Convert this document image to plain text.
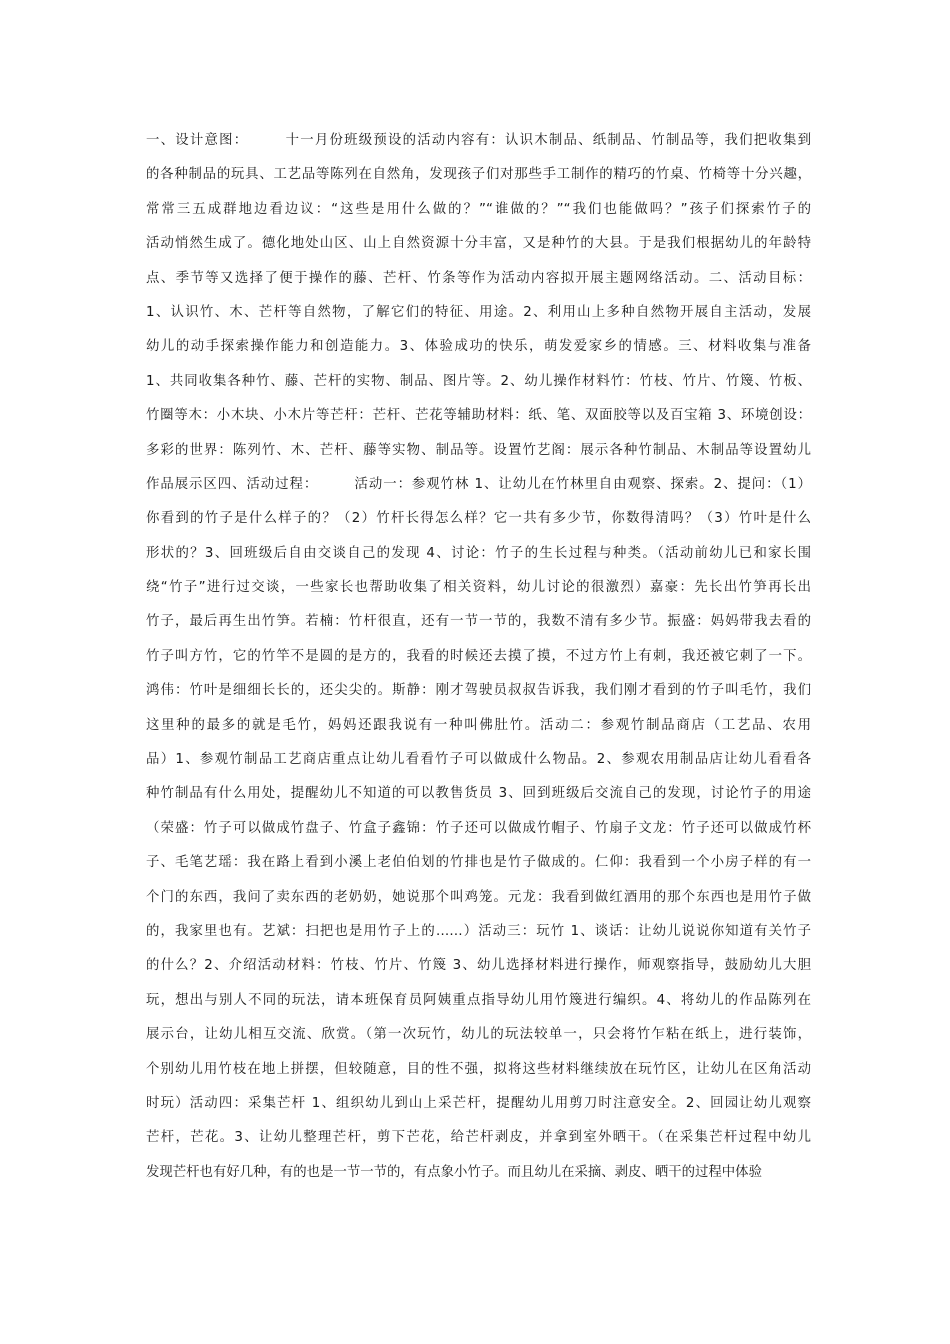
一、设计意图：　　　十一月份班级预设的活动内容有：认识木制品、纸制品、竹制品等，我们把收集到
的各种制品的玩具、工艺品等陈列在自然角，发现孩子们对那些手工制作的精巧的竹桌、竹椅等十分兴趣，
常常三五成群地边看边议：“这些是用什么做的？”“谁做的？”“我们也能做吗？”孩子们探索竹子的
活动悄然生成了。德化地处山区、山上自然资源十分丰富，又是种竹的大县。于是我们根据幼儿的年龄特
点、季节等又选择了便于操作的藤、芒杆、竹条等作为活动内容拟开展主题网络活动。二、活动目标：
1、认识竹、木、芒杆等自然物，了解它们的特征、用途。2、利用山上多种自然物开展自主活动，发展
幼儿的动手探索操作能力和创造能力。3、体验成功的快乐，萌发爱家乡的情感。三、材料收集与准备
1、共同收集各种竹、藤、芒杆的实物、制品、图片等。2、幼儿操作材料竹：竹枝、竹片、竹篾、竹板、
竹圈等木：小木块、小木片等芒杆：芒杆、芒花等辅助材料：纸、笔、双面胶等以及百宝箱 3、环境创设：
多彩的世界：陈列竹、木、芒杆、藤等实物、制品等。设置竹艺阁：展示各种竹制品、木制品等设置幼儿
作品展示区四、活动过程：　　　活动一：参观竹林 1、让幼儿在竹林里自由观察、探索。2、提问：（1）
你看到的竹子是什么样子的？（2）竹杆长得怎么样？它一共有多少节，你数得清吗？（3）竹叶是什么
形状的？3、回班级后自由交谈自己的发现 4、讨论：竹子的生长过程与种类。（活动前幼儿已和家长围
绕“竹子”进行过交谈，一些家长也帮助收集了相关资料，幼儿讨论的很激烈）嘉豪：先长出竹笋再长出
竹子，最后再生出竹笋。若楠：竹杆很直，还有一节一节的，我数不清有多少节。振盛：妈妈带我去看的
竹子叫方竹，它的竹竿不是圆的是方的，我看的时候还去摸了摸，不过方竹上有刺，我还被它刺了一下。
鸿伟：竹叶是细细长长的，还尖尖的。斯静：刚才驾驶员叔叔告诉我，我们刚才看到的竹子叫毛竹，我们
这里种的最多的就是毛竹，妈妈还跟我说有一种叫佛肚竹。活动二：参观竹制品商店（工艺品、农用
品）1、参观竹制品工艺商店重点让幼儿看看竹子可以做成什么物品。2、参观农用制品店让幼儿看看各
种竹制品有什么用处，提醒幼儿不知道的可以教售货员 3、回到班级后交流自己的发现，讨论竹子的用途
（荣盛：竹子可以做成竹盘子、竹盒子鑫锦：竹子还可以做成竹帽子、竹扇子文龙：竹子还可以做成竹杯
子、毛笔艺瑶：我在路上看到小溪上老伯伯划的竹排也是竹子做成的。仁仰：我看到一个小房子样的有一
个门的东西，我问了卖东西的老奶奶，她说那个叫鸡笼。元龙：我看到做红酒用的那个东西也是用竹子做
的，我家里也有。艺斌：扫把也是用竹子上的……）活动三：玩竹 1、谈话：让幼儿说说你知道有关竹子
的什么？2、介绍活动材料：竹枝、竹片、竹篾 3、幼儿选择材料进行操作，师观察指导，鼓励幼儿大胆
玩，想出与别人不同的玩法，请本班保育员阿姨重点指导幼儿用竹篾进行编织。4、将幼儿的作品陈列在
展示台，让幼儿相互交流、欣赏。（第一次玩竹，幼儿的玩法较单一，只会将竹乍粘在纸上，进行装饰，
个别幼儿用竹枝在地上拼摆，但较随意，目的性不强，拟将这些材料继续放在玩竹区，让幼儿在区角活动
时玩）活动四：采集芒杆 1、组织幼儿到山上采芒杆，提醒幼儿用剪刀时注意安全。2、回园让幼儿观察
芒杆，芒花。3、让幼儿整理芒杆，剪下芒花，给芒杆剥皮，并拿到室外晒干。（在采集芒杆过程中幼儿
发现芒杆也有好几种，有的也是一节一节的，有点象小竹子。而且幼儿在采摘、剥皮、晒干的过程中体验
